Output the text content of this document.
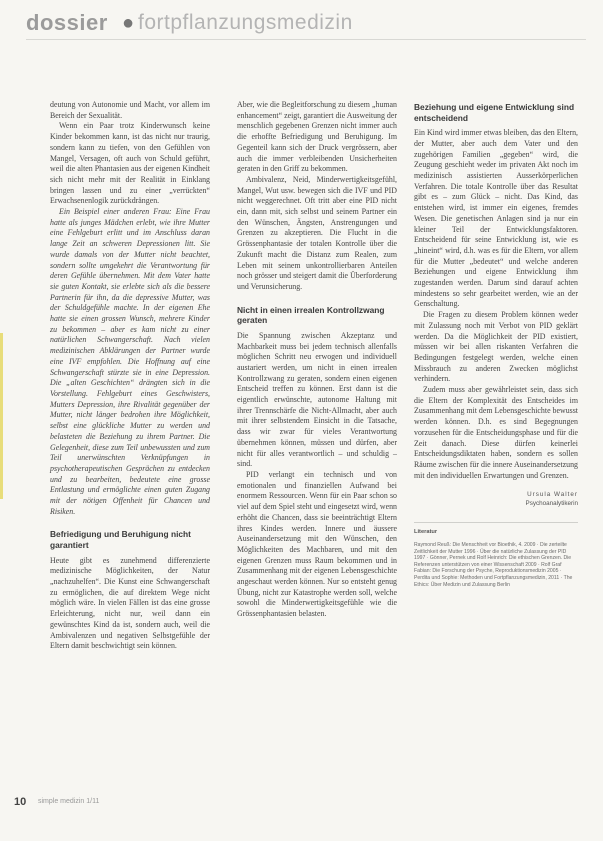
dossier ● fortpflanzungsmedizin

deutung von Autonomie und Macht, vor allem im Bereich der Sexualität.

Wenn ein Paar trotz Kinderwunsch keine Kinder bekommen kann, ist das nicht nur traurig, sondern kann zu tiefen, von den Gefühlen von Mangel, Versagen, oft auch von Schuld geführt, weil die alten Phantasien aus der eigenen Kindheit sich nicht mehr mit der Realität in Einklang bringen lassen und zu einer „verrückten“ Erwachsenenlogik zurückdrängen.

Ein Beispiel einer anderen Frau: Eine Frau hatte als junges Mädchen erlebt, wie ihre Mutter eine Fehlgeburt erlitt und im Anschluss daran lange Zeit an schweren Depressionen litt. Sie wurde damals von der Mutter nicht beachtet, sondern sollte umgekehrt die Verantwortung für deren Gefühle übernehmen. Mit dem Vater hatte sie guten Kontakt, sie erlebte sich als die bessere Partnerin für ihn, da die depressive Mutter, was der Schuldgefühle machte. In der eigenen Ehe hatte sie einen grossen Wunsch, mehrere Kinder zu bekommen – aber es kam nicht zu einer natürlichen Schwangerschaft. Nach vielen medizinischen Abklärungen der Partner wurde eine IVF empfohlen. Die Hoffnung auf eine Schwangerschaft stürzte sie in eine Depression. Die „alten Geschichten“ drängten sich in die Vorstellung. Fehlgeburt eines Geschwisters, Mutters Depression, ihre Rivalität gegenüber der Mutter, nicht länger bedrohen ihre Möglichkeit, selbst eine glückliche Mutter zu werden und belasteten die Beziehung zu ihrem Partner. Die Gelegenheit, diese zum Teil unbewussten und zum Teil unerwünschten Verknüpfungen in psychotherapeutischen Gesprächen zu entdecken und zu bearbeiten, bedeutete eine grosse Entlastung und ermöglichte einen guten Zugang mit der nötigen Offenheit für Chancen und Risiken.

Befriedigung und Beruhigung nicht garantiert

Heute gibt es zunehmend differenzierte medizinische Möglichkeiten, der Natur „nachzuhelfen“. Die Kunst eine Schwangerschaft zu ermöglichen, die auf direktem Wege nicht möglich wäre. In vielen Fällen ist das eine grosse Erleichterung, nicht nur, weil dann ein gewünschtes Kind da ist, sondern auch, weil die Ambivalenzen und negativen Selbstgefühle der Eltern damit beschwichtigt sein können.

Aber, wie die Begleitforschung zu diesem „human enhancement“ zeigt, garantiert die Ausweitung der menschlich gegebenen Grenzen nicht immer auch die erhoffte Befriedigung und Beruhigung. Im Gegenteil kann sich der Druck vergrössern, aber auch die immer verbleibenden Unsicherheiten geraten in den Griff zu bekommen.

Ambivalenz, Neid, Minderwertigkeitsgefühl, Mangel, Wut usw. bewegen sich die IVF und PID nicht weggerechnet. Oft tritt aber eine PID nicht ein, dann mit, sich selbst und seinem Partner ein den Wünschen, Ängsten, Anstrengungen und Grenzen zu akzeptieren. Die Flucht in die Grössenphantasie der totalen Kontrolle über die Zukunft macht die Distanz zum Realen, zum Leben mit seinem unkontrollierbaren Anteilen noch grösser und steigert damit die Überforderung und Verunsicherung.

Nicht in einen irrealen Kontrollzwang geraten

Die Spannung zwischen Akzeptanz und Machbarkeit muss bei jedem technisch allenfalls möglichen Schritt neu erwogen und individuell austariert werden, um nicht in einen irrealen Kontrollzwang zu geraten, sondern einen eigenen Entscheid treffen zu können. Erst dann ist die eigentlich erwünschte, autonome Haltung mit ihrer Trennschärfe die Nicht-Allmacht, aber auch mit ihrer selbstendem Einsicht in die Tatsache, dass wir zwar für vieles Verantwortung übernehmen können, müssen und dürfen, aber nicht für alles verantwortlich – und schuldig – sind.

PID verlangt ein technisch und von emotionalen und finanziellen Aufwand bei enormem Ressourcen. Wenn für ein Paar schon so viel auf dem Spiel steht und eingesetzt wird, wenn erhöht die Chancen, dass sie beeinträchtigt Eltern ihres Kindes werden. Innere und äussere Auseinandersetzung mit den Wünschen, den Möglichkeiten des Machbaren, und mit den eigenen Grenzen muss Raum bekommen und in Zusammenhang mit der eigenen Lebensgeschichte angeschaut werden können. Nur so entsteht genug Übung, nicht zur Katastrophe werden soll, welche sowohl die Minderwertigkeitsgefühle wie die Grössenphantasien belasten.

Beziehung und eigene Entwicklung sind entscheidend

Ein Kind wird immer etwas bleiben, das den Eltern, der Mutter, aber auch dem Vater und den zugehörigen Familien „gegeben“ wird, die Zeugung geschieht weder im privaten Akt noch im medizinisch assistierten Ausserkörperlichen Verfahren. Die totale Kontrolle über das Resultat gibt es – zum Glück – nicht. Das Kind, das entstehen wird, ist immer ein eigenes, fremdes Wesen. Die genetischen Anlagen sind ja nur ein kleiner Teil der Entwicklungsfaktoren. Entscheidend für seine Entwicklung ist, wie es „hineint“ wird, d.h. was es für die Eltern, vor allem für die Mutter „bedeutet“ und welche anderen Beziehungen und eigene Entwicklung ihm zugestanden werden. Darum sind darauf achten mindestens so sehr gearbeitet werden, wie an der Genschaltung.

Die Fragen zu diesem Problem können weder mit Zulassung noch mit Verbot von PID geklärt werden. Da die Möglichkeit der PID existiert, müssen wir bei allen riskanten Verfahren die Bedingungen festgelegt werden, welche einen Missbrauch zu anderen Zwecken möglichst verhindern.

Zudem muss aber gewährleistet sein, dass sich die Eltern der Komplexität des Entscheides im Zusammenhang mit dem Lebensgeschichte bewusst werden können. D.h. es sind Begegnungen vorzusehen für die Entscheidungsphase und für die Zeit danach. Diese dürfen keinerlei Entscheidungsdiktaten haben, sondern es sollen Räume zwischen für die innere Auseinandersetzung mit den individuellen Erwartungen und Grenzen.

Ursula Walter
Psychoanalytikerin
Literatur
Raymond Reuß: Die Menschheit vor Bioethik, 4. 2009 · Die zerteilte Zeitlichkeit der Mutter 1996 · Über die natürliche Zulassung der PID 1997 · Gönner, Pernek und Rolf Heinrich: Die ethischen Grenzen. Die Referenzen unterstützen von einer Wissenschaft 2009 · Rolf Graf Fabian: Die Forschung der Psyche, Reproduktionsmedizin 2005 · Perdita und Sophie: Methoden und Fortpflanzungsmedizin, 2011 · The Ethics: Über Medizin und Zulassung Berlin
10 simple medizin 1/11
